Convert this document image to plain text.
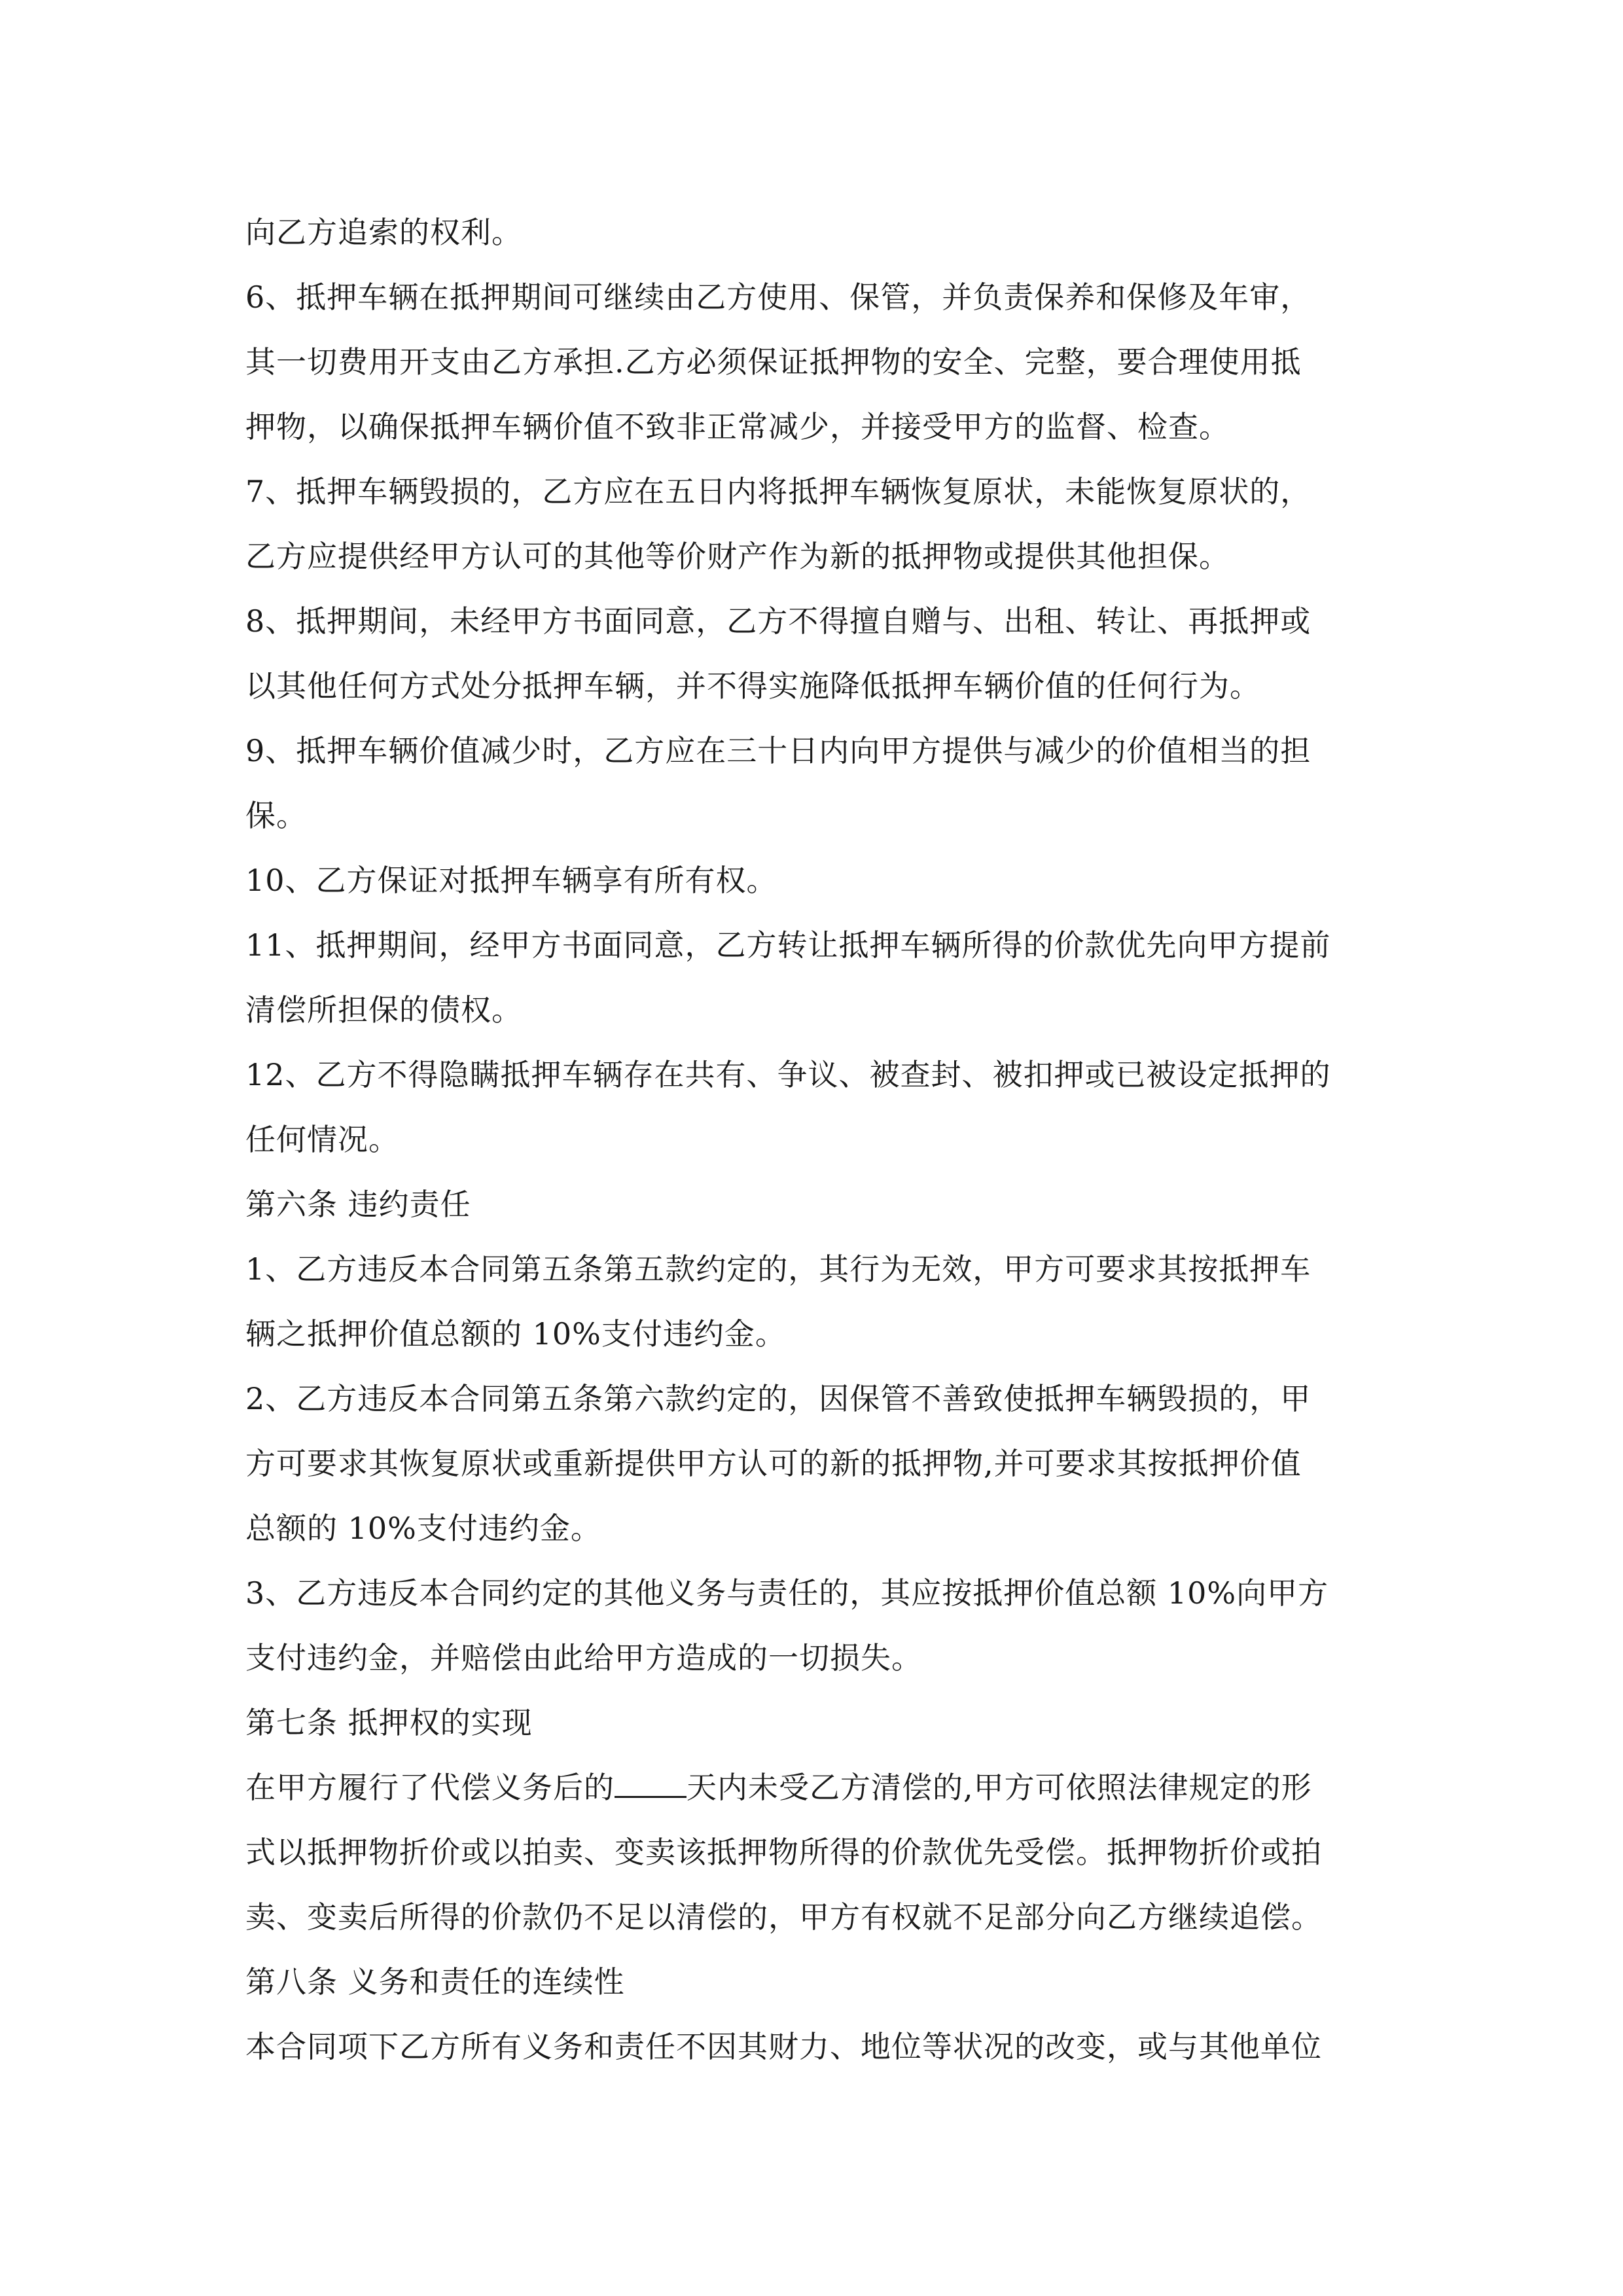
向乙方追索的权利。

6、抵押车辆在抵押期间可继续由乙方使用、保管，并负责保养和保修及年审，

其一切费用开支由乙方承担.乙方必须保证抵押物的安全、完整，要合理使用抵

押物，以确保抵押车辆价值不致非正常减少，并接受甲方的监督、检查。

7、抵押车辆毁损的，乙方应在五日内将抵押车辆恢复原状，未能恢复原状的，

乙方应提供经甲方认可的其他等价财产作为新的抵押物或提供其他担保。

8、抵押期间，未经甲方书面同意，乙方不得擅自赠与、出租、转让、再抵押或

以其他任何方式处分抵押车辆，并不得实施降低抵押车辆价值的任何行为。

9、抵押车辆价值减少时，乙方应在三十日内向甲方提供与减少的价值相当的担

保。

10、乙方保证对抵押车辆享有所有权。

11、抵押期间，经甲方书面同意，乙方转让抵押车辆所得的价款优先向甲方提前

清偿所担保的债权。

12、乙方不得隐瞒抵押车辆存在共有、争议、被查封、被扣押或已被设定抵押的

任何情况。

第六条 违约责任

1、乙方违反本合同第五条第五款约定的，其行为无效，甲方可要求其按抵押车

辆之抵押价值总额的 10%支付违约金。

2、乙方违反本合同第五条第六款约定的，因保管不善致使抵押车辆毁损的，甲

方可要求其恢复原状或重新提供甲方认可的新的抵押物,并可要求其按抵押价值

总额的 10%支付违约金。

3、乙方违反本合同约定的其他义务与责任的，其应按抵押价值总额 10%向甲方

支付违约金，并赔偿由此给甲方造成的一切损失。

第七条 抵押权的实现

在甲方履行了代偿义务后的 天内未受乙方清偿的,甲方可依照法律规定的形

式以抵押物折价或以拍卖、变卖该抵押物所得的价款优先受偿。抵押物折价或拍

卖、变卖后所得的价款仍不足以清偿的，甲方有权就不足部分向乙方继续追偿。

第八条 义务和责任的连续性

本合同项下乙方所有义务和责任不因其财力、地位等状况的改变，或与其他单位
